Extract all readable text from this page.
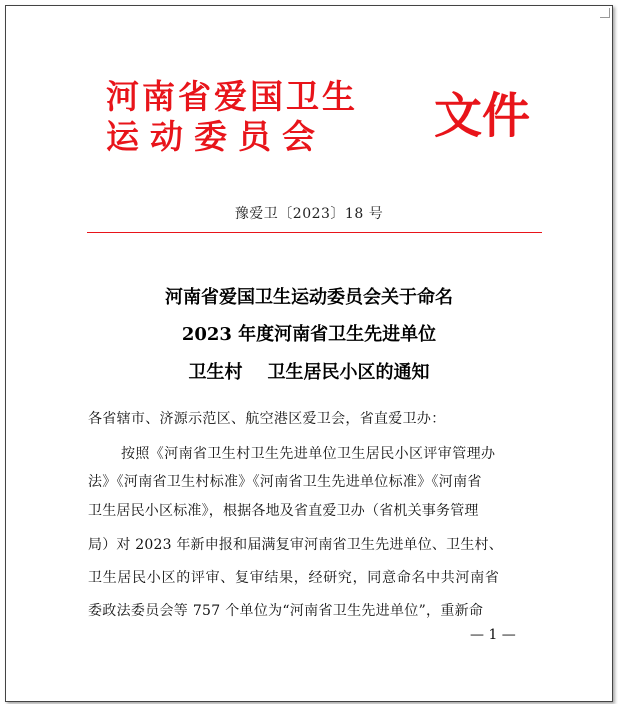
河南省爱国卫生
运动委员会 文件
豫爱卫〔2023〕18 号
河南省爱国卫生运动委员会关于命名
2023 年度河南省卫生先进单位
卫生村    卫生居民小区的通知
各省辖市、济源示范区、航空港区爱卫会，省直爱卫办：
按照《河南省卫生村卫生先进单位卫生居民小区评审管理办
法》《河南省卫生村标准》《河南省卫生先进单位标准》《河南省
卫生居民小区标准》，根据各地及省直爱卫办（省机关事务管理
局）对 2023 年新申报和届满复审河南省卫生先进单位、卫生村、
卫生居民小区的评审、复审结果，经研究，同意命名中共河南省
委政法委员会等 757 个单位为“河南省卫生先进单位”，重新命
— 1 —
